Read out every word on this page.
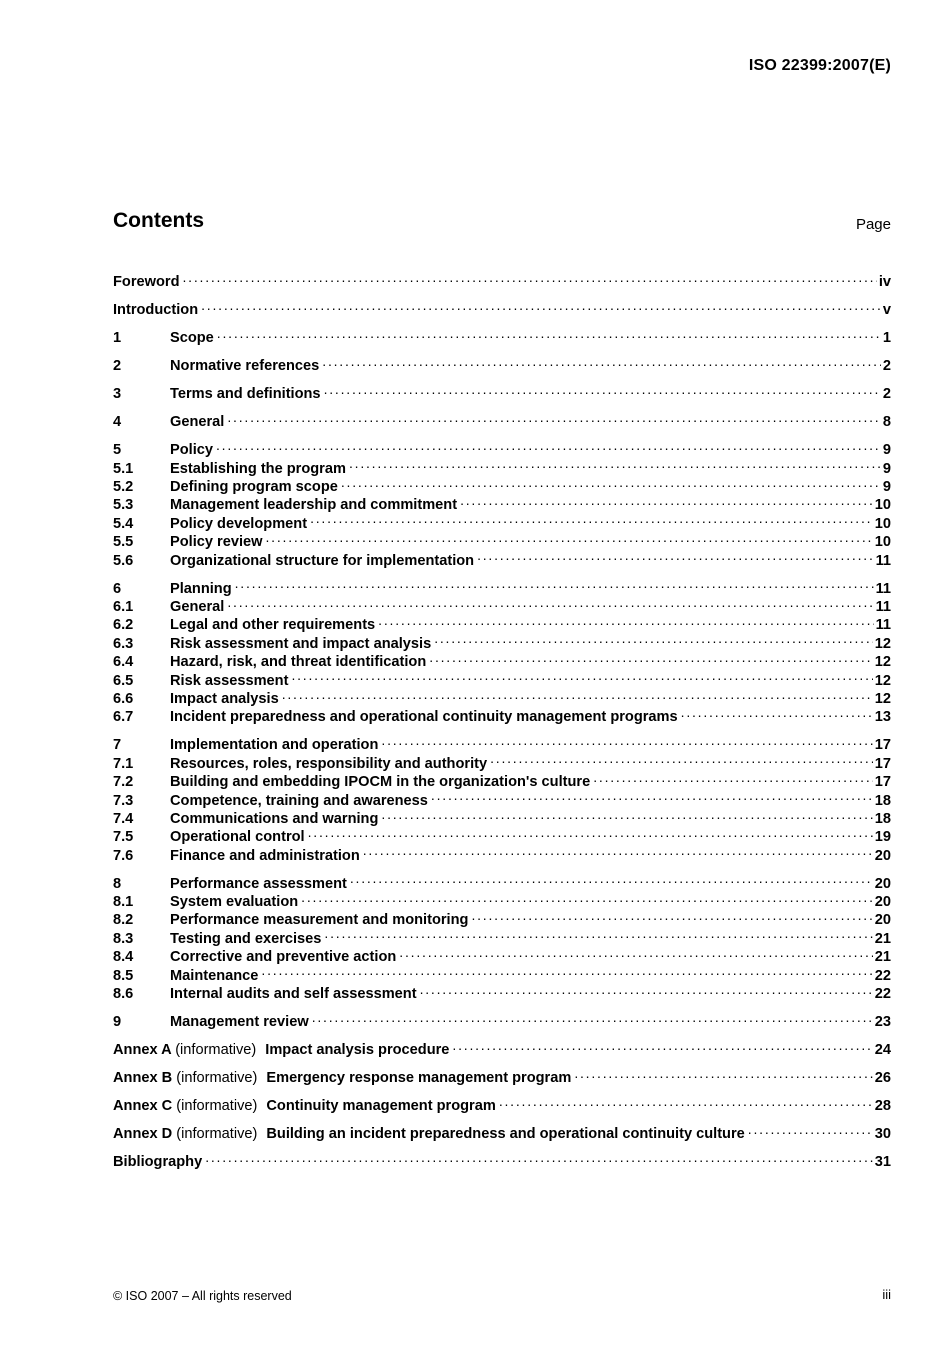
ISO 22399:2007(E)
Contents	Page
Foreword . . .	iv
Introduction . . .	v
1	Scope . . .	1
2	Normative references . . .	2
3	Terms and definitions . . .	2
4	General . . .	8
5	Policy . . .	9
5.1	Establishing the program . . .	9
5.2	Defining program scope . . .	9
5.3	Management leadership and commitment . . .	10
5.4	Policy development . . .	10
5.5	Policy review . . .	10
5.6	Organizational structure for implementation . . .	11
6	Planning . . .	11
6.1	General . . .	11
6.2	Legal and other requirements . . .	11
6.3	Risk assessment and impact analysis . . .	12
6.4	Hazard, risk, and threat identification . . .	12
6.5	Risk assessment . . .	12
6.6	Impact analysis . . .	12
6.7	Incident preparedness and operational continuity management programs . . .	13
7	Implementation and operation . . .	17
7.1	Resources, roles, responsibility and authority . . .	17
7.2	Building and embedding IPOCM in the organization's culture . . .	17
7.3	Competence, training and awareness . . .	18
7.4	Communications and warning . . .	18
7.5	Operational control . . .	19
7.6	Finance and administration . . .	20
8	Performance assessment . . .	20
8.1	System evaluation . . .	20
8.2	Performance measurement and monitoring . . .	20
8.3	Testing and exercises . . .	21
8.4	Corrective and preventive action . . .	21
8.5	Maintenance . . .	22
8.6	Internal audits and self assessment . . .	22
9	Management review . . .	23
Annex A (informative) Impact analysis procedure . . .	24
Annex B (informative) Emergency response management program . . .	26
Annex C (informative) Continuity management program . . .	28
Annex D (informative) Building an incident preparedness and operational continuity culture . . .	30
Bibliography . . .	31
© ISO 2007 – All rights reserved	iii
